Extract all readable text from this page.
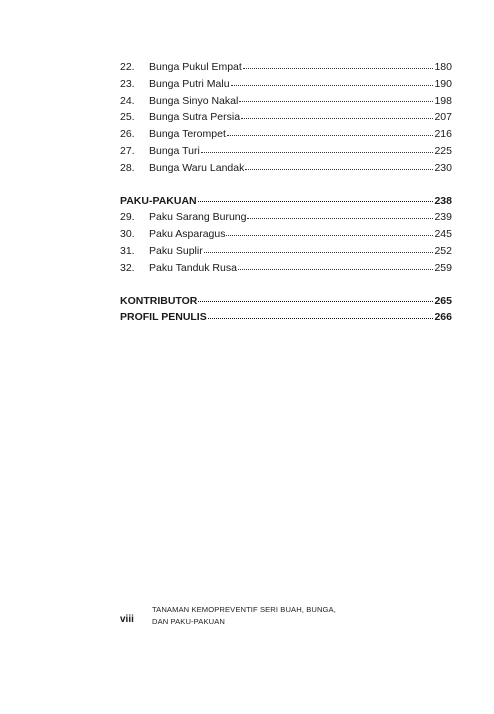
22.	Bunga Pukul Empat	180
23.	Bunga Putri Malu	190
24.	Bunga Sinyo Nakal	198
25.	Bunga Sutra Persia	207
26.	Bunga Terompet	216
27.	Bunga Turi	225
28.	Bunga Waru Landak	230
PAKU-PAKUAN	238
29.	Paku Sarang Burung	239
30.	Paku Asparagus	245
31.	Paku Suplir	252
32.	Paku Tanduk Rusa	259
KONTRIBUTOR	265
PROFIL PENULIS	266
viii
TANAMAN KEMOPREVENTIF SERI BUAH, BUNGA,
DAN PAKU-PAKUAN
